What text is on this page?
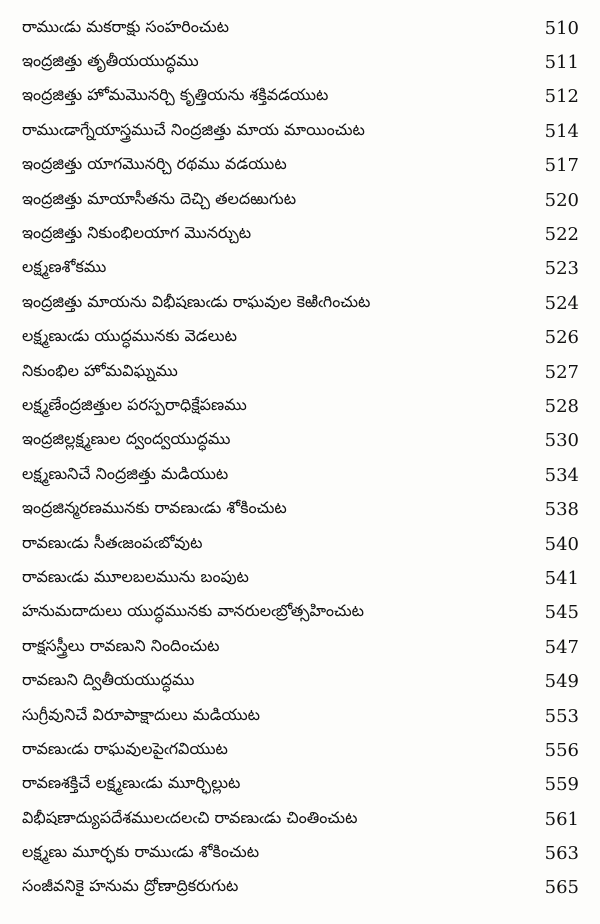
రాముఁడు మకరాక్షు సంహరించుట	510
ఇంద్రజిత్తు తృతీయయుద్ధము	511
ఇంద్రజిత్తు హోమమొనర్చి కృత్తియను శక్తివడయుట	512
రాముఁడాగ్నేయాస్త్రముచే నింద్రజిత్తు మాయ మాయించుట	514
ఇంద్రజిత్తు యాగమొనర్చి రథము వడయుట	517
ఇంద్రజిత్తు మాయాసీతను దెచ్చి తలదఱుగుట	520
ఇంద్రజిత్తు నికుంభిలయాగ మొనర్చుట	522
లక్ష్మణశోకము	523
ఇంద్రజిత్తు మాయను విభీషణుఁడు రాఘవుల కెఱిఁగించుట	524
లక్ష్మణుఁడు యుద్ధమునకు వెడలుట	526
నికుంభిల హోమవిఘ్నము	527
లక్ష్మణేంద్రజిత్తుల పరస్పరాధిక్షేపణము	528
ఇంద్రజిల్లక్ష్మణుల ద్వంద్వయుద్ధము	530
లక్ష్మణునిచే నింద్రజిత్తు మడియుట	534
ఇంద్రజిన్మరణమునకు రావణుఁడు శోకించుట	538
రావణుఁడు సీతఁజంపఁబోవుట	540
రావణుఁడు మూలబలమును బంపుట	541
హనుమదాదులు యుద్ధమునకు వానరులఁబ్రోత్సహించుట	545
రాక్షసస్త్రీలు రావణుని నిందించుట	547
రావణుని ద్వితీయయుద్ధము	549
సుగ్రీవునిచే విరూపాక్షాదులు మడియుట	553
రావణుఁడు రాఘవులపైఁగవియుట	556
రావణశక్తిచే లక్ష్మణుఁడు మూర్ఛిల్లుట	559
విభీషణాద్యుపదేశములఁదలఁచి రావణుఁడు చింతించుట	561
లక్ష్మణు మూర్ఛకు రాముఁడు శోకించుట	563
సంజీవనికై హనుమ ద్రోణాద్రికరుగుట	565
